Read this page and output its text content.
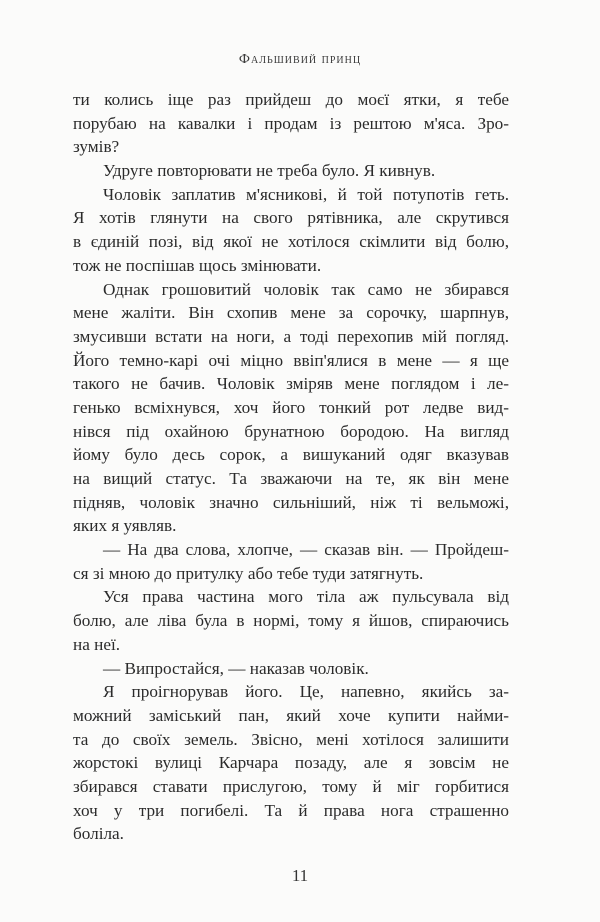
Фальшивий принц
ти колись іще раз прийдеш до моєї ятки, я тебе
порубаю на кавалки і продам із рештою м'яса. Зро-
зумів?
Удруге повторювати не треба було. Я кивнув.
Чоловік заплатив м'ясникові, й той потупотів геть.
Я хотів глянути на свого рятівника, але скрутився
в єдиній позі, від якої не хотілося скімлити від болю,
тож не поспішав щось змінювати.
Однак грошовитий чоловік так само не збирався
мене жаліти. Він схопив мене за сорочку, шарпнув,
змусивши встати на ноги, а тоді перехопив мій погляд.
Його темно-карі очі міцно ввіп'ялися в мене — я ще
такого не бачив. Чоловік зміряв мене поглядом і ле-
генько всміхнувся, хоч його тонкий рот ледве вид-
нівся під охайною брунатною бородою. На вигляд
йому було десь сорок, а вишуканий одяг вказував
на вищий статус. Та зважаючи на те, як він мене
підняв, чоловік значно сильніший, ніж ті вельможі,
яких я уявляв.
— На два слова, хлопче, — сказав він. — Пройдеш-
ся зі мною до притулку або тебе туди затягнуть.
Уся права частина мого тіла аж пульсувала від
болю, але ліва була в нормі, тому я йшов, спираючись
на неї.
— Випростайся, — наказав чоловік.
Я проігнорував його. Це, напевно, якийсь за-
можний заміський пан, який хоче купити найми-
та до своїх земель. Звісно, мені хотілося залишити
жорстокі вулиці Карчара позаду, але я зовсім не
збирався ставати прислугою, тому й міг горбитися
хоч у три погибелі. Та й права нога страшенно
боліла.
11
